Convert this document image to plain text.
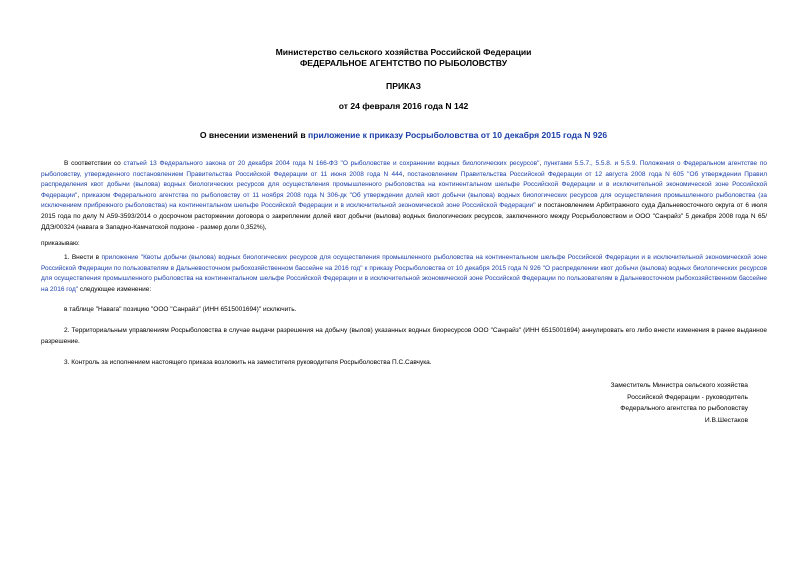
Министерство сельского хозяйства Российской Федерации
ФЕДЕРАЛЬНОЕ АГЕНТСТВО ПО РЫБОЛОВСТВУ
ПРИКАЗ
от 24 февраля 2016 года N 142
О внесении изменений в приложение к приказу Росрыболовства от 10 декабря 2015 года N 926

В соответствии со статьей 13 Федерального закона от 20 декабря 2004 года N 166-ФЗ "О рыболовстве и сохранении водных биологических ресурсов", пунктами 5.5.7., 5.5.8. и 5.5.9. Положения о Федеральном агентстве по рыболовству, утвержденного постановлением Правительства Российской Федерации от 11 июня 2008 года N 444, постановлением Правительства Российской Федерации от 12 августа 2008 года N 605 "Об утверждении Правил распределения квот добычи (вылова) водных биологических ресурсов для осуществления промышленного рыболовства на континентальном шельфе Российской Федерации и в исключительной экономической зоне Российской Федерации", приказом Федерального агентства по рыболовству от 11 ноября 2008 года N 306-дк "Об утверждении долей квот добычи (вылова) водных биологических ресурсов для осуществления промышленного рыболовства (за исключением прибрежного рыболовства) на континентальном шельфе Российской Федерации и в исключительной экономической зоне Российской Федерации" и постановлением Арбитражного суда Дальневосточного округа от 6 июля 2015 года по делу N А59-3593/2014 о досрочном расторжении договора о закреплении долей квот добычи (вылова) водных биологических ресурсов, заключенного между Росрыболовством и ООО "Санрайз" 5 декабря 2008 года N 65/ДДЭ/00324 (навага в Западно-Камчатской подзоне - размер доли 0,352%),

приказываю:

1. Внести в приложение "Квоты добычи (вылова) водных биологических ресурсов для осуществления промышленного рыболовства на континентальном шельфе Российской Федерации и в исключительной экономической зоне Российской Федерации по пользователям в Дальневосточном рыбохозяйственном бассейне на 2016 год" к приказу Росрыболовства от 10 декабря 2015 года N 926 "О распределении квот добычи (вылова) водных биологических ресурсов для осуществления промышленного рыболовства на континентальном шельфе Российской Федерации и в исключительной экономической зоне Российской Федерации по пользователям в Дальневосточном рыбохозяйственном бассейне на 2016 год" следующее изменение:

в таблице "Навага" позицию "ООО "Санрайз" (ИНН 6515001694)" исключить.

2. Территориальным управлениям Росрыболовства в случае выдачи разрешения на добычу (вылов) указанных водных биоресурсов ООО "Санрайз" (ИНН 6515001694) аннулировать его либо внести изменения в ранее выданное разрешение.

3. Контроль за исполнением настоящего приказа возложить на заместителя руководителя Росрыболовства П.С.Савчука.

Заместитель Министра сельского хозяйства
Российской Федерации - руководитель
Федерального агентства по рыболовству
И.В.Шестаков
